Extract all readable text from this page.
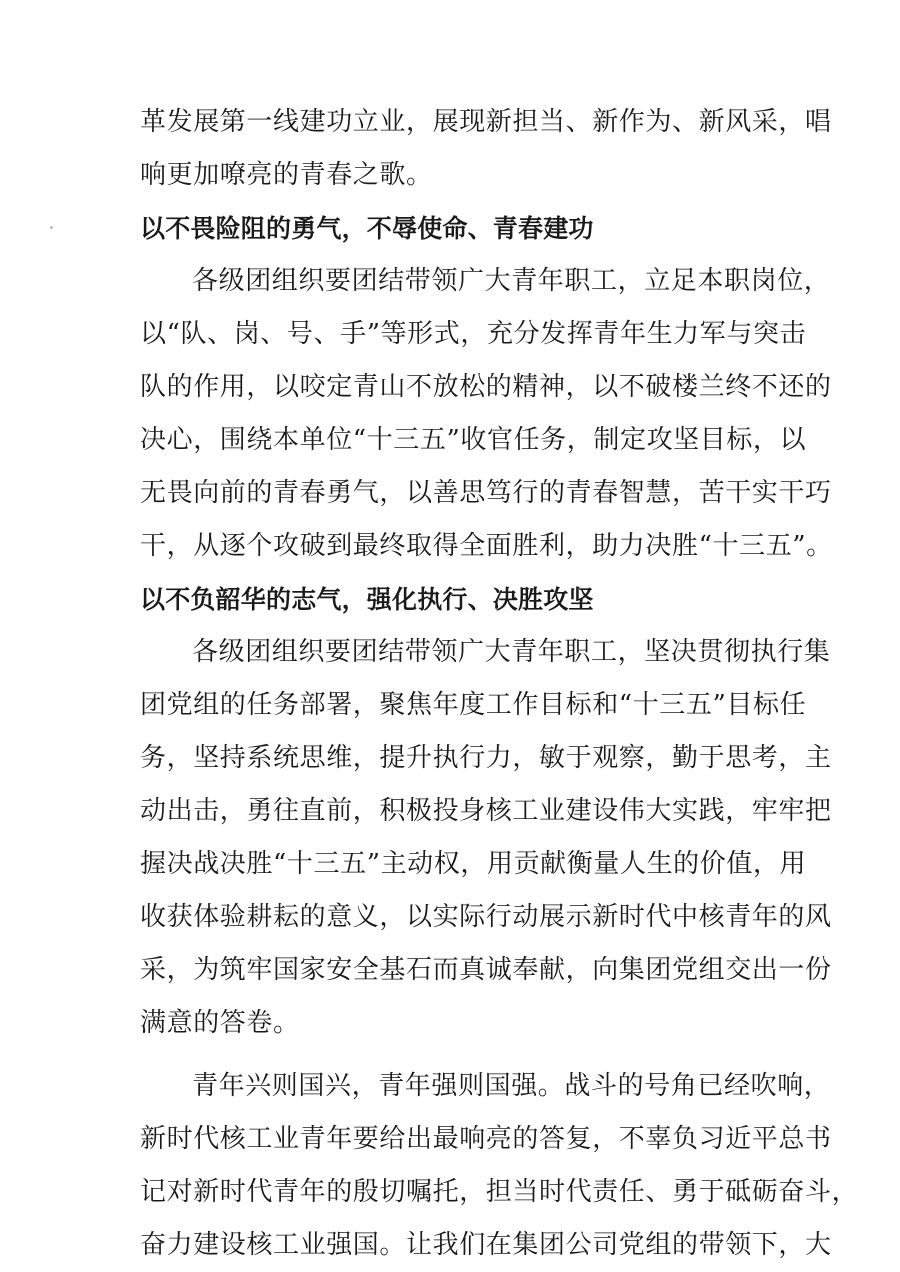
革发展第一线建功立业，展现新担当、新作为、新风采，唱
响更加嘹亮的青春之歌。
以不畏险阻的勇气，不辱使命、青春建功
各级团组织要团结带领广大青年职工，立足本职岗位，
以“队、岗、号、手”等形式，充分发挥青年生力军与突击
队的作用，以咬定青山不放松的精神，以不破楼兰终不还的
决心，围绕本单位“十三五”收官任务，制定攻坚目标，以
无畏向前的青春勇气，以善思笃行的青春智慧，苦干实干巧
干，从逐个攻破到最终取得全面胜利，助力决胜“十三五”。
以不负韶华的志气，强化执行、决胜攻坚
各级团组织要团结带领广大青年职工，坚决贯彻执行集
团党组的任务部署，聚焦年度工作目标和“十三五”目标任
务，坚持系统思维，提升执行力，敏于观察，勤于思考，主
动出击，勇往直前，积极投身核工业建设伟大实践，牢牢把
握决战决胜“十三五”主动权，用贡献衡量人生的价值，用
收获体验耕耘的意义，以实际行动展示新时代中核青年的风
采，为筑牢国家安全基石而真诚奉献，向集团党组交出一份
满意的答卷。
青年兴则国兴，青年强则国强。战斗的号角已经吹响，
新时代核工业青年要给出最响亮的答复，不辜负习近平总书
记对新时代青年的殷切嘱托，担当时代责任、勇于砥砺奋斗，
奋力建设核工业强国。让我们在集团公司党组的带领下，大
